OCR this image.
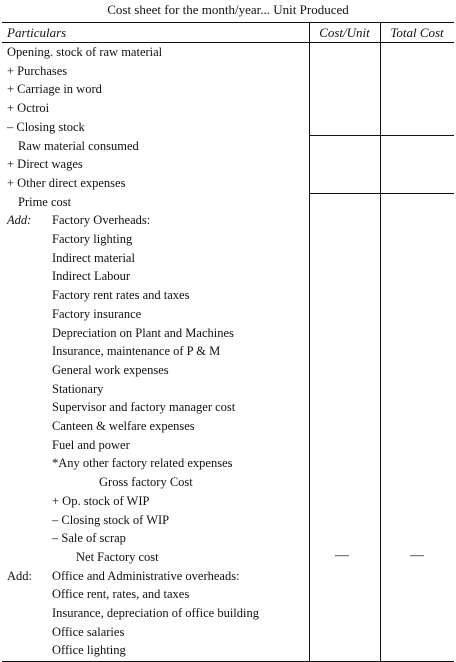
Cost sheet for the month/year... Unit Produced
Particulars	Cost/Unit	Total Cost
Opening. stock of raw material
+ Purchases
+ Carriage in word
+ Octroi
– Closing stock
Raw material consumed
+ Direct wages
+ Other direct expenses
Prime cost
Add: Factory Overheads:
Factory lighting
Indirect material
Indirect Labour
Factory rent rates and taxes
Factory insurance
Depreciation on Plant and Machines
Insurance, maintenance of P & M
General work expenses
Stationary
Supervisor and factory manager cost
Canteen & welfare expenses
Fuel and power
*Any other factory related expenses
Gross factory Cost
+ Op. stock of WIP
– Closing stock of WIP
– Sale of scrap
Net Factory cost
Add: Office and Administrative overheads:
Office rent, rates, and taxes
Insurance, depreciation of office building
Office salaries
Office lighting
—	—
